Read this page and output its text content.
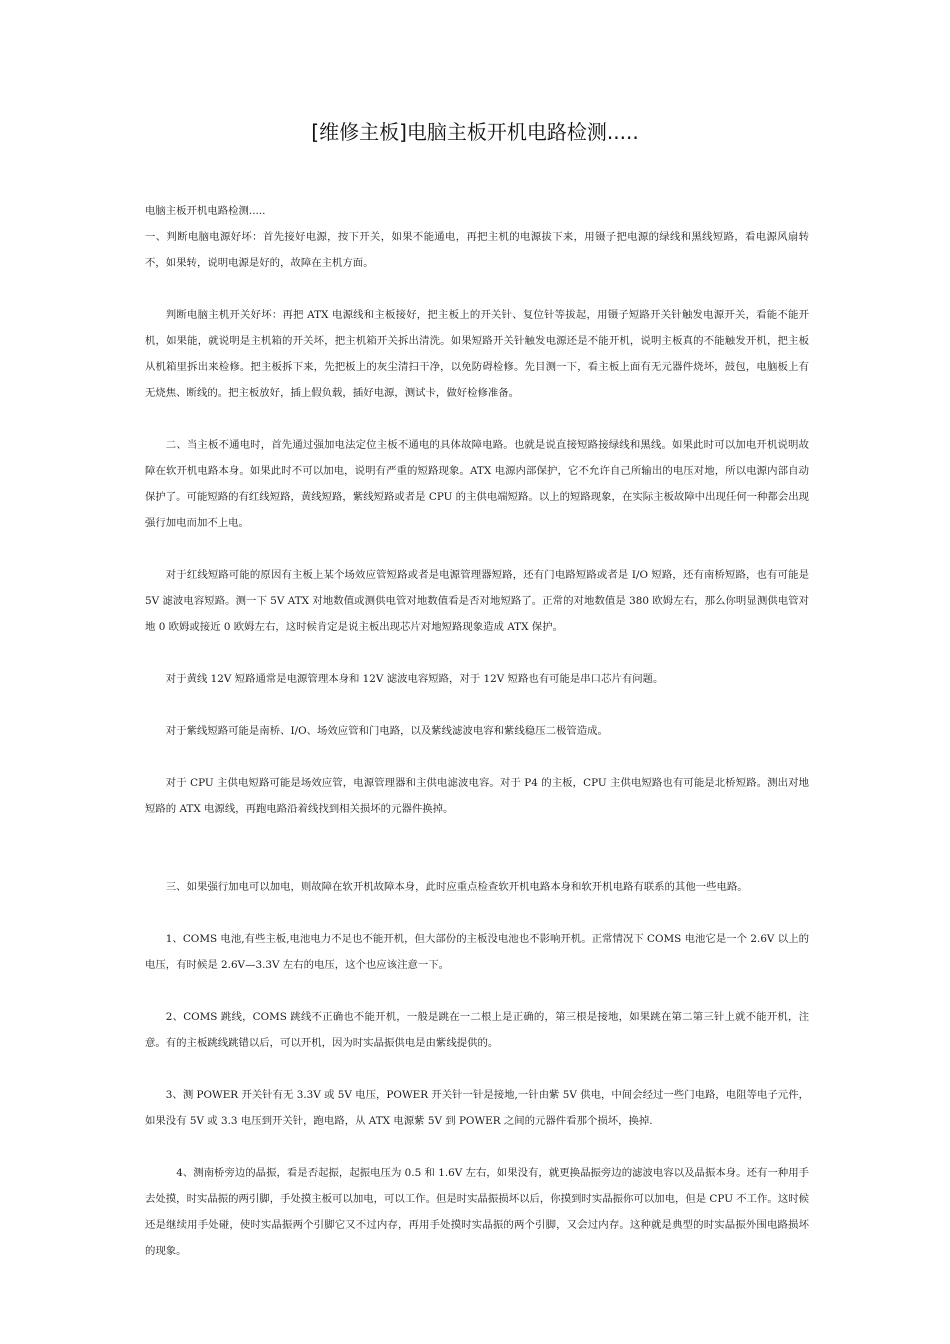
[维修主板]电脑主板开机电路检测.....

电脑主板开机电路检测.....

一、判断电脑电源好坏：首先接好电源，按下开关，如果不能通电，再把主机的电源拔下来，用镊子把电源的绿线和黑线短路，看电源风扇转不，如果转，说明电源是好的，故障在主机方面。

判断电脑主机开关好坏：再把 ATX 电源线和主板接好，把主板上的开关针、复位针等拔起，用镊子短路开关针触发电源开关，看能不能开机，如果能，就说明是主机箱的开关坏，把主机箱开关拆出清洗。如果短路开关针触发电源还是不能开机，说明主板真的不能触发开机，把主板从机箱里拆出来检修。把主板拆下来，先把板上的灰尘清扫干净，以免防碍检修。先目测一下，看主板上面有无元器件烧坏，鼓包，电脑板上有无烧焦、断线的。把主板放好，插上假负载，插好电源，测试卡，做好检修准备。

二、当主板不通电时，首先通过强加电法定位主板不通电的具体故障电路。也就是说直接短路接绿线和黑线。如果此时可以加电开机说明故障在软开机电路本身。如果此时不可以加电，说明有严重的短路现象。ATX 电源内部保护，它不允许自己所输出的电压对地，所以电源内部自动保护了。可能短路的有红线短路，黄线短路，紫线短路或者是 CPU 的主供电端短路。以上的短路现象，在实际主板故障中出现任何一种都会出现强行加电而加不上电。

对于红线短路可能的原因有主板上某个场效应管短路或者是电源管理器短路，还有门电路短路或者是 I/O 短路，还有南桥短路，也有可能是 5V 滤波电容短路。测一下 5V ATX 对地数值或测供电管对地数值看是否对地短路了。正常的对地数值是 380 欧姆左右，那么你明显测供电管对地 0 欧姆或接近 0 欧姆左右，这时候肯定是说主板出现芯片对地短路现象造成 ATX 保护。

对于黄线 12V 短路通常是电源管理本身和 12V 滤波电容短路，对于 12V 短路也有可能是串口芯片有问题。

对于紫线短路可能是南桥、I/O、场效应管和门电路，以及紫线滤波电容和紫线稳压二极管造成。

对于 CPU 主供电短路可能是场效应管，电源管理器和主供电滤波电容。对于 P4 的主板，CPU 主供电短路也有可能是北桥短路。测出对地短路的 ATX 电源线，再跑电路沿着线找到相关损坏的元器件换掉。

三、如果强行加电可以加电，则故障在软开机故障本身，此时应重点检查软开机电路本身和软开机电路有联系的其他一些电路。

1、COMS 电池,有些主板,电池电力不足也不能开机，但大部份的主板没电池也不影响开机。正常情况下 COMS 电池它是一个 2.6V 以上的电压，有时候是 2.6V—3.3V 左右的电压，这个也应该注意一下。

2、COMS 跳线，COMS 跳线不正确也不能开机，一般是跳在一二根上是正确的，第三根是接地，如果跳在第二第三针上就不能开机，注意。有的主板跳线跳错以后，可以开机，因为时实晶振供电是由紫线提供的。

3、测 POWER 开关针有无 3.3V 或 5V 电压，POWER 开关针一针是接地,一针由紫 5V 供电，中间会经过一些门电路，电阻等电子元件，如果没有 5V 或 3.3 电压到开关针，跑电路，从 ATX 电源紫 5V 到 POWER 之间的元器件看那个损坏，换掉.

4、测南桥旁边的晶振，看是否起振，起振电压为 0.5 和 1.6V 左右，如果没有，就更换晶振旁边的滤波电容以及晶振本身。还有一种用手去处摸，时实晶振的两引脚，手处摸主板可以加电，可以工作。但是时实晶振损坏以后，你摸到时实晶振你可以加电，但是 CPU 不工作。这时候还是继续用手处碰，使时实晶振两个引脚它又不过内存，再用手处摸时实晶振的两个引脚，又会过内存。这种就是典型的时实晶振外围电路损坏的现象。
